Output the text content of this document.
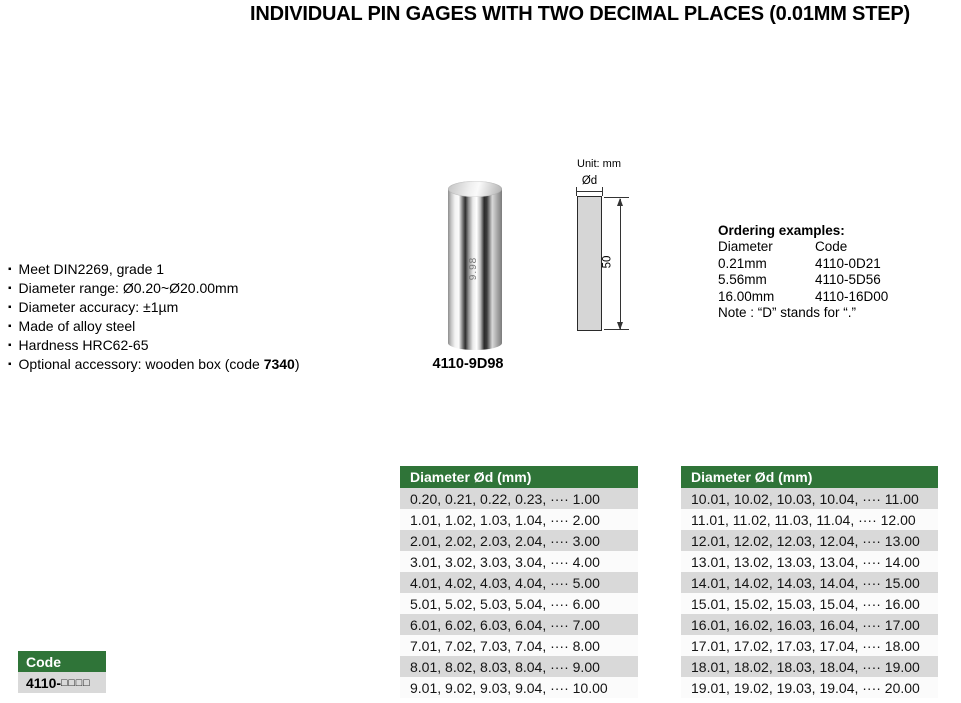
INDIVIDUAL PIN GAGES WITH TWO DECIMAL PLACES (0.01MM STEP)
▪ Meet DIN2269, grade 1
▪ Diameter range: Ø0.20~Ø20.00mm
▪ Diameter accuracy: ±1µm
▪ Made of alloy steel
▪ Hardness HRC62-65
▪ Optional accessory: wooden box (code 7340)
9.98
4110-9D98
Unit: mm
Ød
50
Ordering examples:
Diameter	Code
0.21mm	4110-0D21
5.56mm	4110-5D56
16.00mm	4110-16D00
Note : “D” stands for “.”
Diameter Ød (mm)
0.20, 0.21, 0.22, 0.23, ···· 1.00
1.01, 1.02, 1.03, 1.04, ···· 2.00
2.01, 2.02, 2.03, 2.04, ···· 3.00
3.01, 3.02, 3.03, 3.04, ···· 4.00
4.01, 4.02, 4.03, 4.04, ···· 5.00
5.01, 5.02, 5.03, 5.04, ···· 6.00
6.01, 6.02, 6.03, 6.04, ···· 7.00
7.01, 7.02, 7.03, 7.04, ···· 8.00
8.01, 8.02, 8.03, 8.04, ···· 9.00
9.01, 9.02, 9.03, 9.04, ···· 10.00
Diameter Ød (mm)
10.01, 10.02, 10.03, 10.04, ···· 11.00
11.01, 11.02, 11.03, 11.04, ···· 12.00
12.01, 12.02, 12.03, 12.04, ···· 13.00
13.01, 13.02, 13.03, 13.04, ···· 14.00
14.01, 14.02, 14.03, 14.04, ···· 15.00
15.01, 15.02, 15.03, 15.04, ···· 16.00
16.01, 16.02, 16.03, 16.04, ···· 17.00
17.01, 17.02, 17.03, 17.04, ···· 18.00
18.01, 18.02, 18.03, 18.04, ···· 19.00
19.01, 19.02, 19.03, 19.04, ···· 20.00
Code
4110- □□□□
